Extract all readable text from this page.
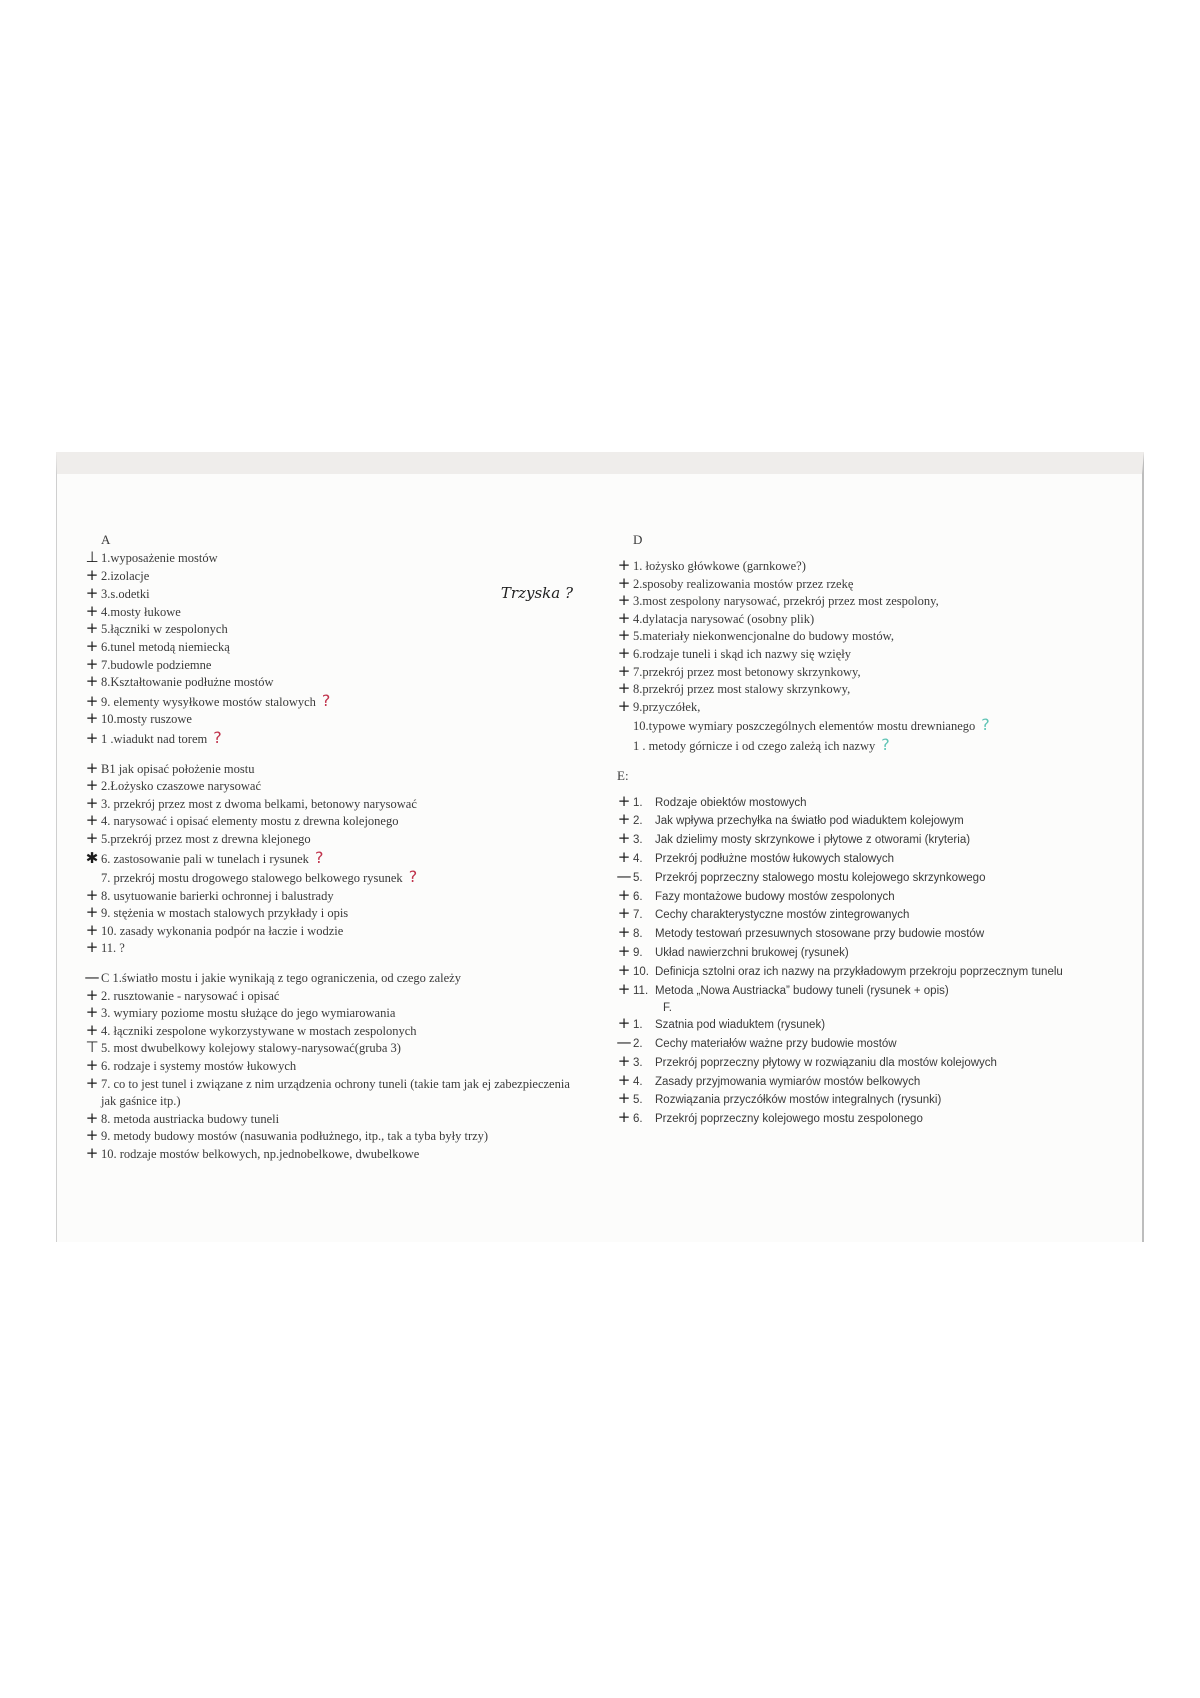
A
⊥ 1.wyposażenie mostów
+ 2.izolacje
+ 3.s.odetki	Trzyska ?
+ 4.mosty łukowe
+ 5.łączniki w zespolonych
+ 6.tunel metodą niemiecką
+ 7.budowle podziemne
+ 8.Kształtowanie podłużne mostów
+ 9. elementy wysyłkowe mostów stalowych ?
+ 10.mosty ruszowe
+ 1 .wiadukt nad torem ?
+ B1 jak opisać położenie mostu
+ 2.Łożysko czaszowe narysować
+ 3. przekrój przez most z dwoma belkami, betonowy narysować
+ 4. narysować i opisać elementy mostu z drewna kolejonego
+ 5.przekrój przez most z drewna klejonego
✱ 6. zastosowanie pali w tunelach i rysunek ?
7. przekrój mostu drogowego stalowego belkowego rysunek ?
+ 8. usytuowanie barierki ochronnej i balustrady
+ 9. stężenia w mostach stalowych przykłady i opis
+ 10. zasady wykonania podpór na łaczie i wodzie
+ 11. ?
— C 1.światło mostu i jakie wynikają z tego ograniczenia, od czego zależy
+ 2. rusztowanie - narysować i opisać
+ 3. wymiary poziome mostu służące do jego wymiarowania
+ 4. łączniki zespolone wykorzystywane w mostach zespolonych
⊤ 5. most dwubelkowy kolejowy stalowy-narysować(gruba 3)
+ 6. rodzaje i systemy mostów łukowych
+ 7. co to jest tunel i związane z nim urządzenia ochrony tuneli (takie tam jak ej zabezpieczenia jak gaśnice itp.)
+ 8. metoda austriacka budowy tuneli
+ 9. metody budowy mostów (nasuwania podłużnego, itp., tak a tyba były trzy)
+ 10. rodzaje mostów belkowych, np.jednobelkowe, dwubelkowe
D
+ 1. łożysko główkowe (garnkowe?)
+ 2.sposoby realizowania mostów przez rzekę
+ 3.most zespolony narysować, przekrój przez most zespolony,
+ 4.dylatacja narysować (osobny plik)
+ 5.materiały niekonwencjonalne do budowy mostów,
+ 6.rodzaje tuneli i skąd ich nazwy się wzięły
+ 7.przekrój przez most betonowy skrzynkowy,
+ 8.przekrój przez most stalowy skrzynkowy,
+ 9.przyczółek,
10.typowe wymiary poszczególnych elementów mostu drewnianego ?
1 . metody górnicze i od czego zależą ich nazwy ?
E:
+ 1.	Rodzaje obiektów mostowych
+ 2.	Jak wpływa przechyłka na światło pod wiaduktem kolejowym
+ 3.	Jak dzielimy mosty skrzynkowe i płytowe z otworami (kryteria)
+ 4.	Przekrój podłużne mostów łukowych stalowych
— 5.	Przekrój poprzeczny stalowego mostu kolejowego skrzynkowego
+ 6.	Fazy montażowe budowy mostów zespolonych
+ 7.	Cechy charakterystyczne mostów zintegrowanych
+ 8.	Metody testowań przesuwnych stosowane przy budowie mostów
+ 9.	Układ nawierzchni brukowej (rysunek)
+ 10. Definicja sztolni oraz ich nazwy na przykładowym przekroju poprzecznym tunelu
+ 11. Metoda „Nowa Austriacka” budowy tuneli (rysunek + opis)
F.
+ 1.	Szatnia pod wiaduktem (rysunek)
— 2.	Cechy materiałów ważne przy budowie mostów
+ 3.	Przekrój poprzeczny płytowy w rozwiązaniu dla mostów kolejowych
+ 4.	Zasady przyjmowania wymiarów mostów belkowych
+ 5.	Rozwiązania przyczółków mostów integralnych (rysunki)
+ 6.	Przekrój poprzeczny kolejowego mostu zespolonego
